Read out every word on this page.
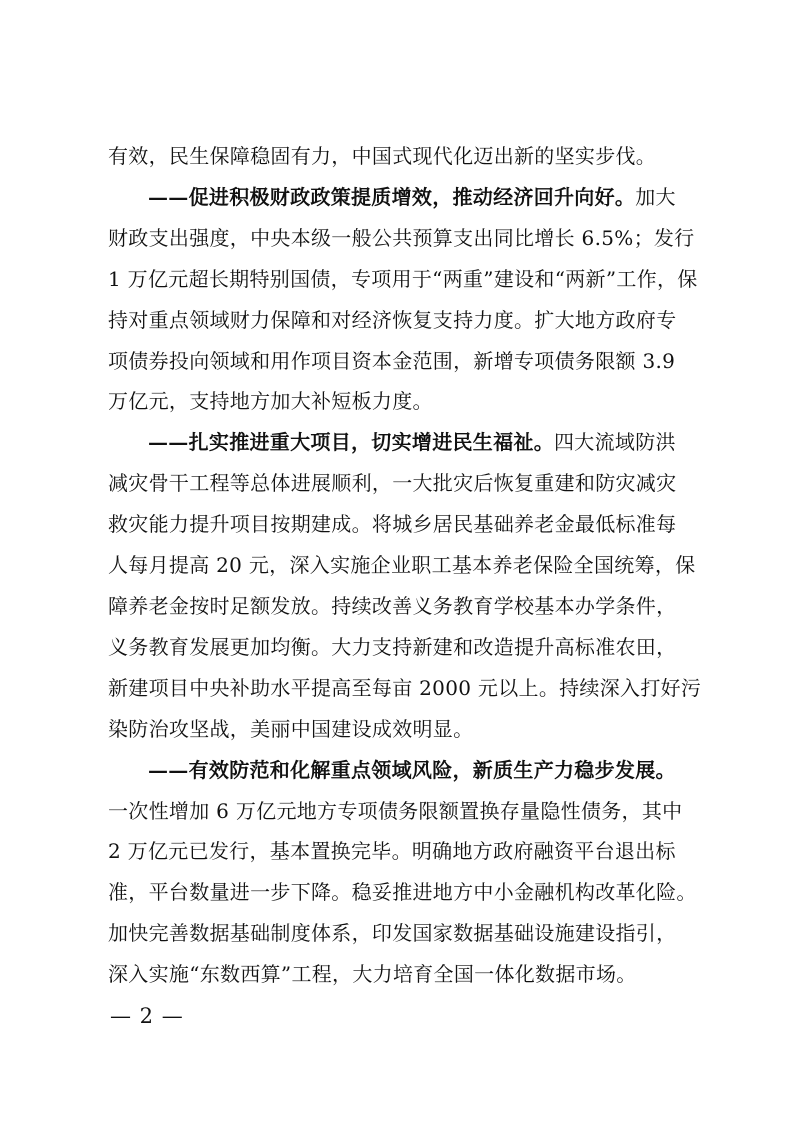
有效，民生保障稳固有力，中国式现代化迈出新的坚实步伐。

——促进积极财政政策提质增效，推动经济回升向好。加大
财政支出强度，中央本级一般公共预算支出同比增长 6.5%；发行
1 万亿元超长期特别国债，专项用于“两重”建设和“两新”工作，保
持对重点领域财力保障和对经济恢复支持力度。扩大地方政府专
项债券投向领域和用作项目资本金范围，新增专项债务限额 3.9
万亿元，支持地方加大补短板力度。

——扎实推进重大项目，切实增进民生福祉。四大流域防洪
减灾骨干工程等总体进展顺利，一大批灾后恢复重建和防灾减灾
救灾能力提升项目按期建成。将城乡居民基础养老金最低标准每
人每月提高 20 元，深入实施企业职工基本养老保险全国统筹，保
障养老金按时足额发放。持续改善义务教育学校基本办学条件，
义务教育发展更加均衡。大力支持新建和改造提升高标准农田，
新建项目中央补助水平提高至每亩 2000 元以上。持续深入打好污
染防治攻坚战，美丽中国建设成效明显。

——有效防范和化解重点领域风险，新质生产力稳步发展。
一次性增加 6 万亿元地方专项债务限额置换存量隐性债务，其中
2 万亿元已发行，基本置换完毕。明确地方政府融资平台退出标
准，平台数量进一步下降。稳妥推进地方中小金融机构改革化险。
加快完善数据基础制度体系，印发国家数据基础设施建设指引，
深入实施“东数西算”工程，大力培育全国一体化数据市场。

— 2 —
